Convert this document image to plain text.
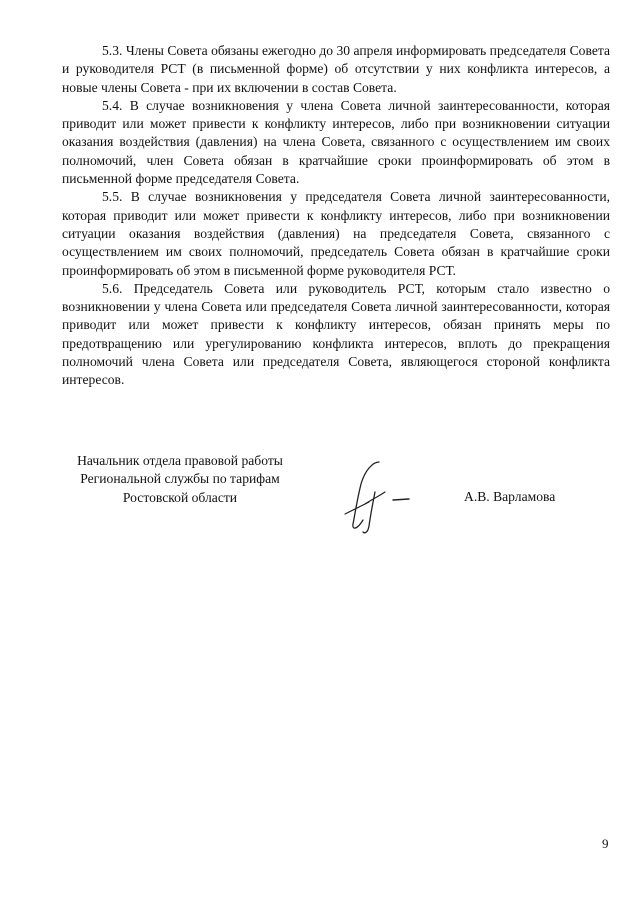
5.3. Члены Совета обязаны ежегодно до 30 апреля информировать председателя Совета и руководителя РСТ (в письменной форме) об отсутствии у них конфликта интересов, а новые члены Совета - при их включении в состав Совета.

5.4. В случае возникновения у члена Совета личной заинтересованности, которая приводит или может привести к конфликту интересов, либо при возникновении ситуации оказания воздействия (давления) на члена Совета, связанного с осуществлением им своих полномочий, член Совета обязан в кратчайшие сроки проинформировать об этом в письменной форме председателя Совета.

5.5. В случае возникновения у председателя Совета личной заинтересованности, которая приводит или может привести к конфликту интересов, либо при возникновении ситуации оказания воздействия (давления) на председателя Совета, связанного с осуществлением им своих полномочий, председатель Совета обязан в кратчайшие сроки проинформировать об этом в письменной форме руководителя РСТ.

5.6. Председатель Совета или руководитель РСТ, которым стало известно о возникновении у члена Совета или председателя Совета личной заинтересованности, которая приводит или может привести к конфликту интересов, обязан принять меры по предотвращению или урегулированию конфликта интересов, вплоть до прекращения полномочий члена Совета или председателя Совета, являющегося стороной конфликта интересов.

Начальник отдела правовой работы
Региональной службы по тарифам
Ростовской области	А.В. Варламова
9
